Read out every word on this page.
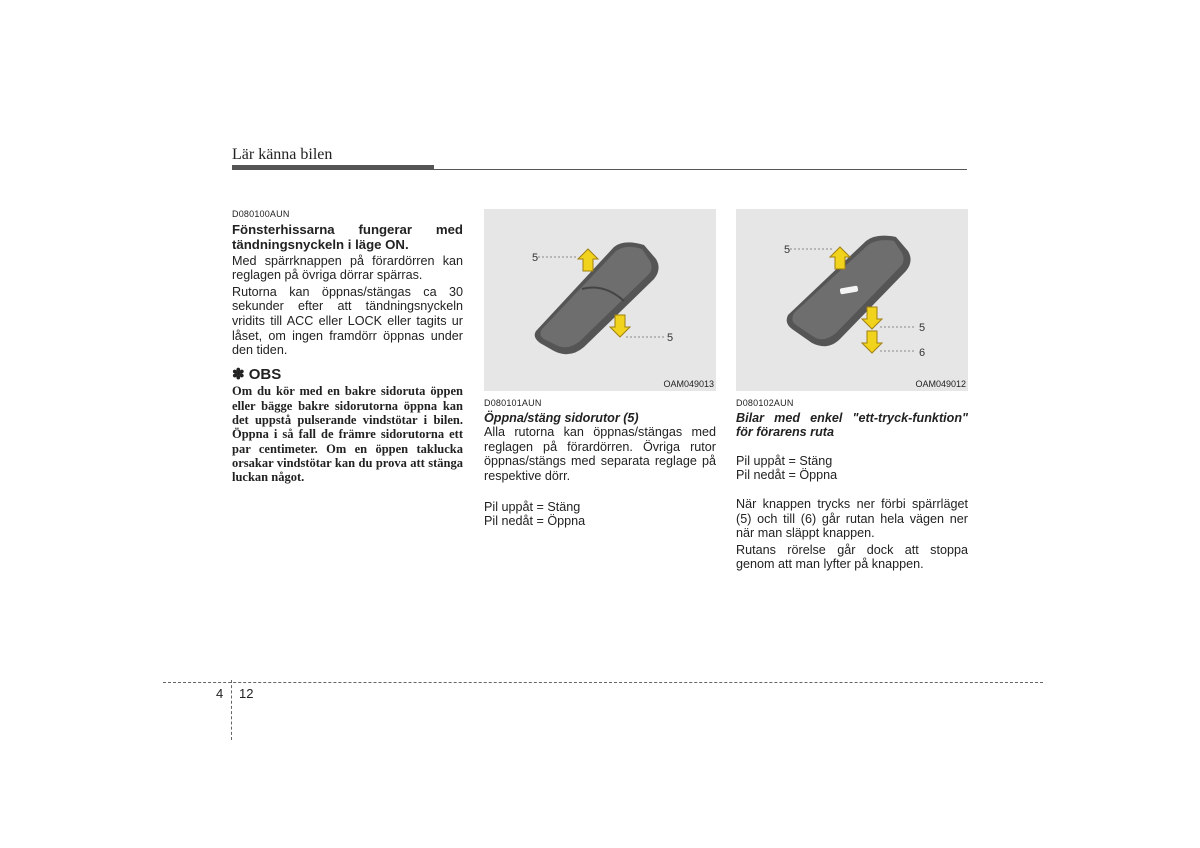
Lär känna bilen
D080100AUN
Fönsterhissarna fungerar med tändningsnyckeln i läge ON.

Med spärrknappen på förardörren kan reglagen på övriga dörrar spärras.

Rutorna kan öppnas/stängas ca 30 sekunder efter att tändningsnyckeln vridits till ACC eller LOCK eller tagits ur låset, om ingen framdörr öppnas under den tiden.

✽ OBS
Om du kör med en bakre sidoruta öppen eller bägge bakre sidorutorna öppna kan det uppstå pulserande vindstötar i bilen. Öppna i så fall de främre sidorutorna ett par centimeter. Om en öppen taklucka orsakar vindstötar kan du prova att stänga luckan något.
5
5
OAM049013
D080101AUN
Öppna/stäng sidorutor (5)

Alla rutorna kan öppnas/stängas med reglagen på förardörren. Övriga rutor öppnas/stängs med separata reglage på respektive dörr.

Pil uppåt = Stäng
Pil nedåt = Öppna
5
5
6
OAM049012
D080102AUN
Bilar med enkel "ett-tryck-funktion" för förarens ruta
Pil uppåt = Stäng
Pil nedåt = Öppna

När knappen trycks ner förbi spärrläget (5) och till (6) går rutan hela vägen ner när man släppt knappen.

Rutans rörelse går dock att stoppa genom att man lyfter på knappen.

4 12
